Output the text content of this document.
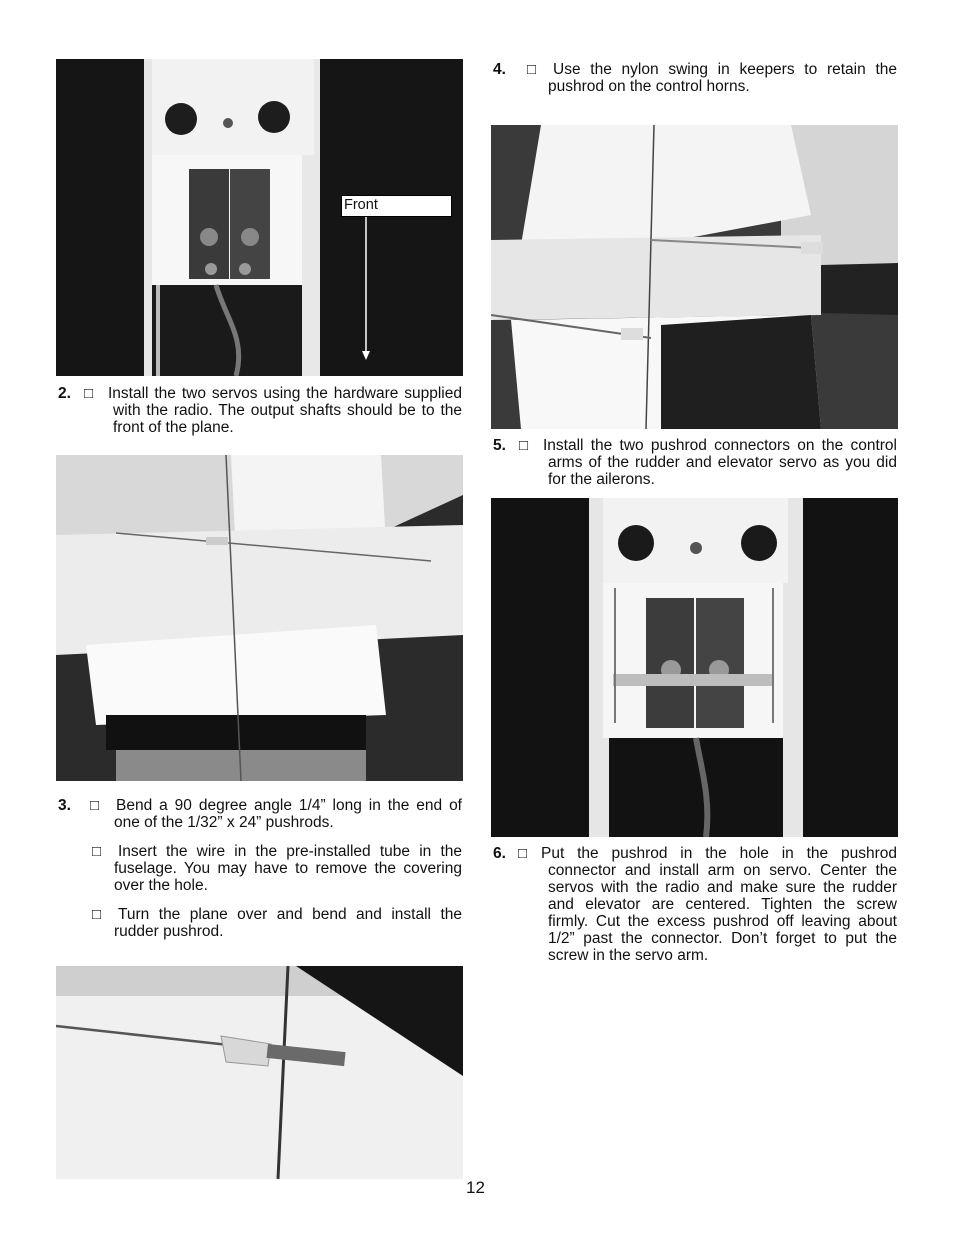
Front
2. □ Install the two servos using the hardware supplied with the radio. The output shafts should be to the front of the plane.
3. □	Bend a 90 degree angle 1/4” long in the end of one of the 1/32” x 24” pushrods.
□	Insert the wire in the pre-installed tube in the fuselage. You may have to remove the covering over the hole.
□	Turn the plane over and bend and install the rudder pushrod.
4. □	Use the nylon swing in keepers to retain the pushrod on the control horns.
5. □ Install the two pushrod connectors on the control arms of the rudder and elevator servo as you did for the ailerons.
6. □ Put the pushrod in the hole in the pushrod connector and install arm on servo. Center the servos with the radio and make sure the rudder and elevator are centered. Tighten the screw firmly. Cut the excess pushrod off leaving about 1/2” past the connector. Don’t forget to put the screw in the servo arm.
12
